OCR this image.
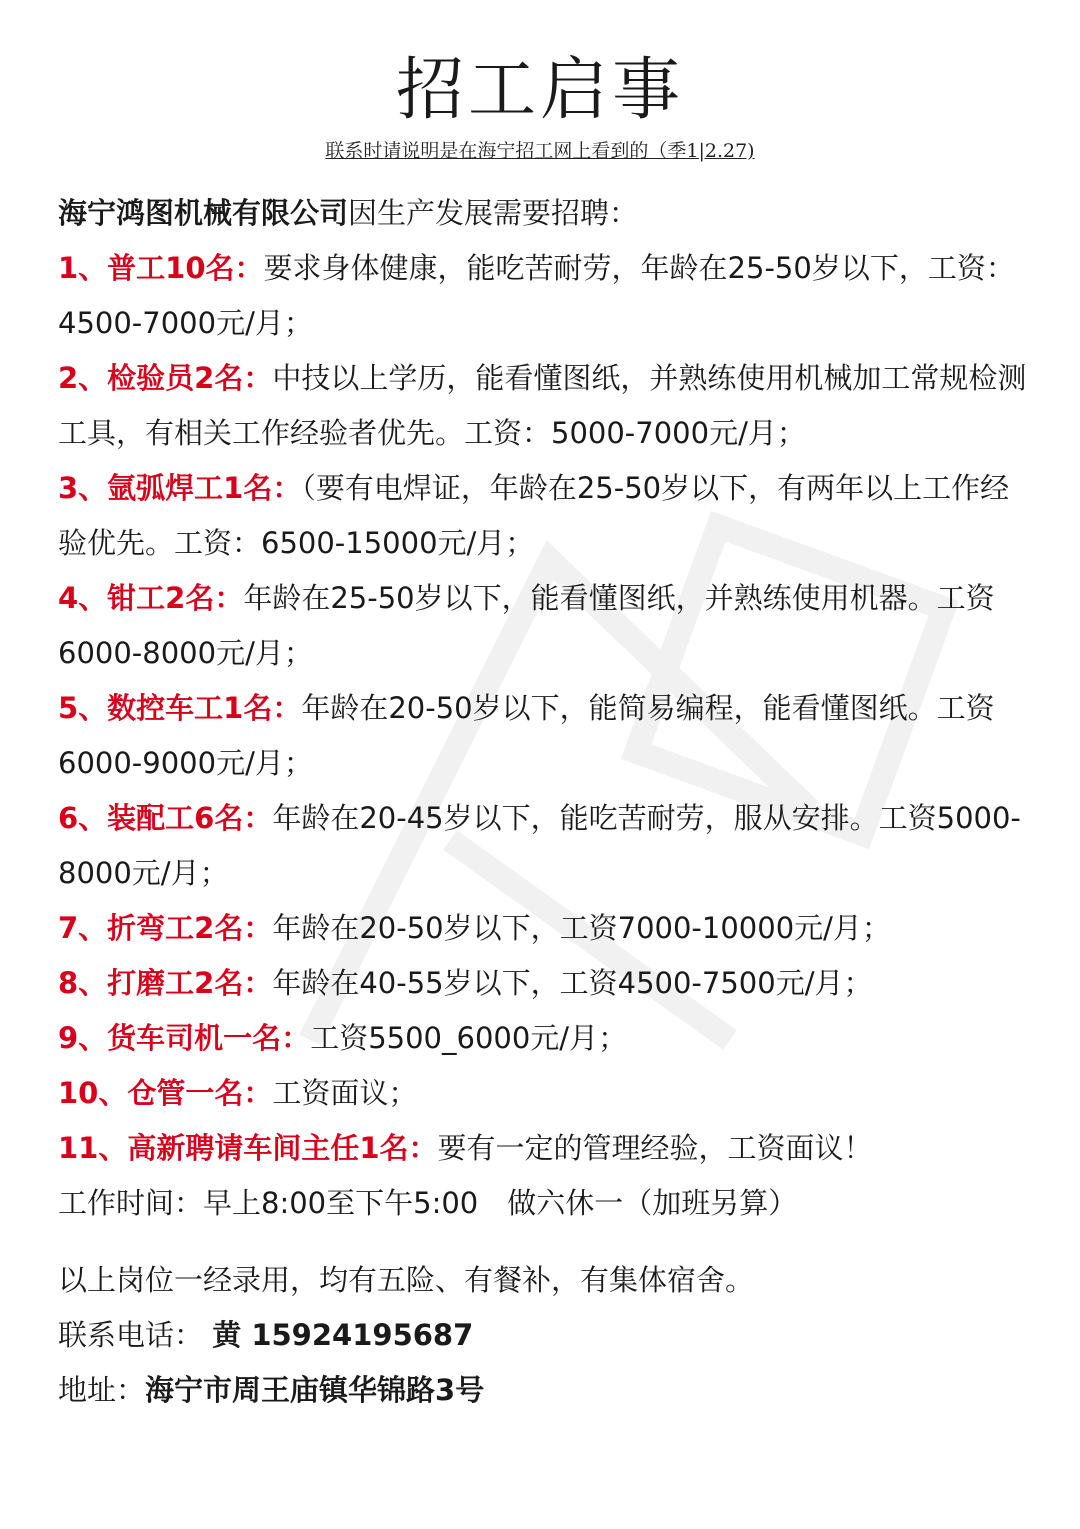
招工启事
联系时请说明是在海宁招工网上看到的（季1|2.27)
海宁鸿图机械有限公司因生产发展需要招聘：
1、普工10名：要求身体健康，能吃苦耐劳，年龄在25-50岁以下，工资：4500-7000元/月；
2、检验员2名：中技以上学历，能看懂图纸，并熟练使用机械加工常规检测工具，有相关工作经验者优先。工资：5000-7000元/月；
3、氩弧焊工1名：（要有电焊证，年龄在25-50岁以下，有两年以上工作经验优先。工资：6500-15000元/月；
4、钳工2名：年龄在25-50岁以下，能看懂图纸，并熟练使用机器。工资6000-8000元/月；
5、数控车工1名：年龄在20-50岁以下，能简易编程，能看懂图纸。工资6000-9000元/月；
6、装配工6名：年龄在20-45岁以下，能吃苦耐劳，服从安排。工资5000-8000元/月；
7、折弯工2名：年龄在20-50岁以下，工资7000-10000元/月；
8、打磨工2名：年龄在40-55岁以下，工资4500-7500元/月；
9、货车司机一名：工资5500_6000元/月；
10、仓管一名：工资面议；
11、高新聘请车间主任1名：要有一定的管理经验，工资面议！
工作时间：早上8:00至下午5:00　做六休一（加班另算）
以上岗位一经录用，均有五险、有餐补，有集体宿舍。
联系电话： 黄 15924195687
地址：海宁市周王庙镇华锦路3号
